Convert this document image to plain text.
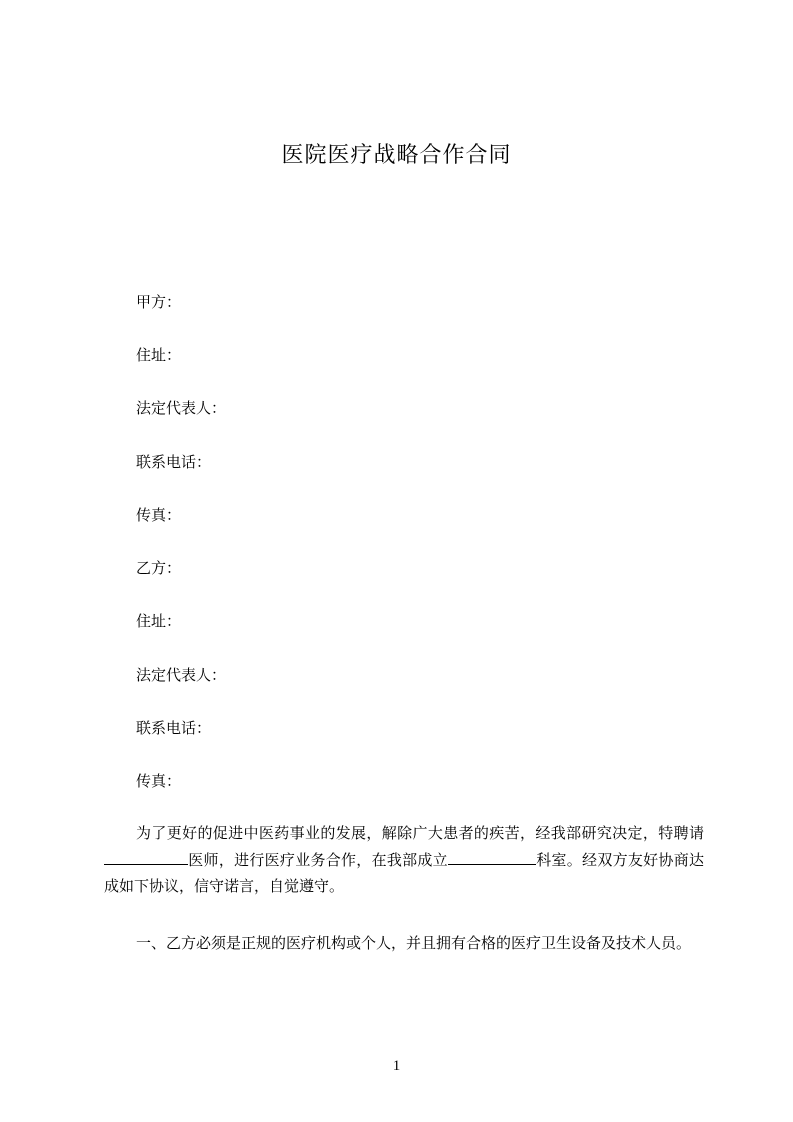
医院医疗战略合作合同
甲方：
住址：
法定代表人：
联系电话：
传真：
乙方：
住址：
法定代表人：
联系电话：
传真：
为了更好的促进中医药事业的发展，解除广大患者的疾苦，经我部研究决定，特聘请医师，进行医疗业务合作，在我部成立	科室。经双方友好协商达成如下协议，信守诺言，自觉遵守。
一、乙方必须是正规的医疗机构或个人，并且拥有合格的医疗卫生设备及技术人员。
1
